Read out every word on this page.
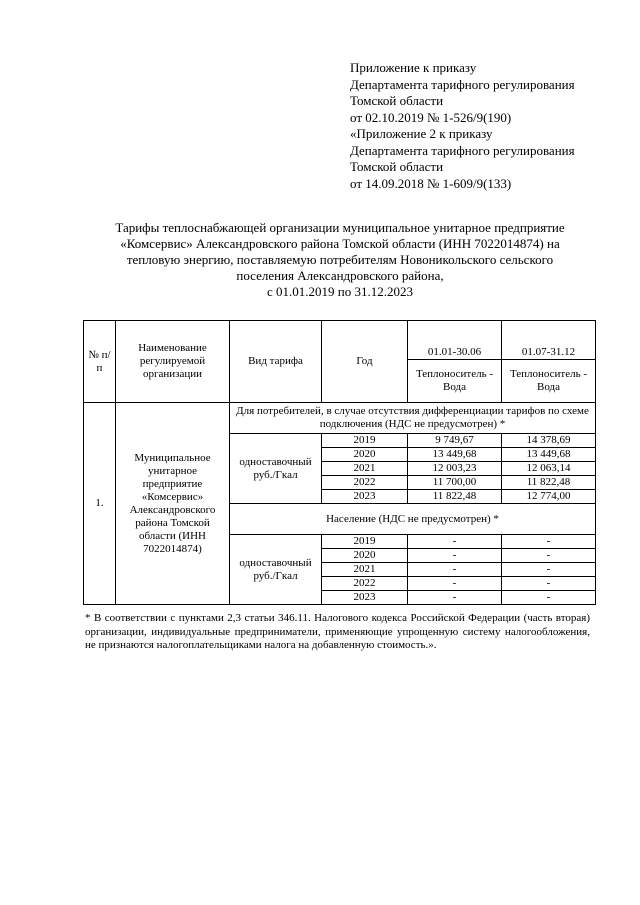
Приложение к приказу
Департамента тарифного регулирования
Томской области
от 02.10.2019 № 1-526/9(190)
«Приложение 2 к приказу
Департамента тарифного регулирования
Томской области
от 14.09.2018 № 1-609/9(133)
Тарифы теплоснабжающей организации муниципальное унитарное предприятие
«Комсервис» Александровского района Томской области (ИНН 7022014874) на
тепловую энергию, поставляемую потребителям Новоникольского сельского
поселения Александровского района,
с 01.01.2019 по 31.12.2023
№ п/п	Наименование регулируемой организации	Вид тарифа	Год	01.01-30.06	01.07-31.12
				Теплоноситель - Вода	Теплоноситель - Вода
1.	Муниципальное унитарное предприятие «Комсервис» Александровского района Томской области (ИНН 7022014874)	Для потребителей, в случае отсутствия дифференциации тарифов по схеме подключения (НДС не предусмотрен) *			
		одноставочный руб./Гкал	2019	9 749,67	14 378,69
			2020	13 449,68	13 449,68
			2021	12 003,23	12 063,14
			2022	11 700,00	11 822,48
			2023	11 822,48	12 774,00
		Население (НДС не предусмотрен) *			
		одноставочный руб./Гкал	2019	-	-
			2020	-	-
			2021	-	-
			2022	-	-
			2023	-	-
* В соответствии с пунктами 2,3 статьи 346.11. Налогового кодекса Российской Федерации (часть вторая) организации, индивидуальные предприниматели, применяющие упрощенную систему налогообложения, не признаются налогоплательщиками налога на добавленную стоимость.».
